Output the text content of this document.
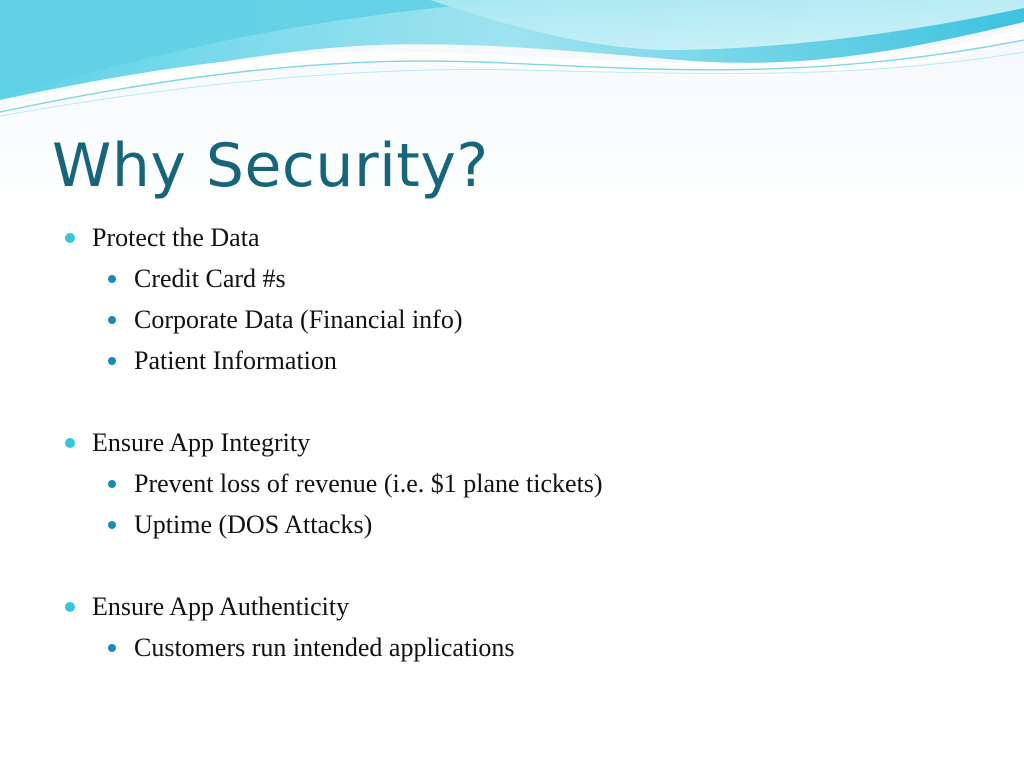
Why Security?
Protect the Data
Credit Card #s
Corporate Data (Financial info)
Patient Information
Ensure App Integrity
Prevent loss of revenue (i.e. $1 plane tickets)
Uptime (DOS Attacks)
Ensure App Authenticity
Customers run intended applications
